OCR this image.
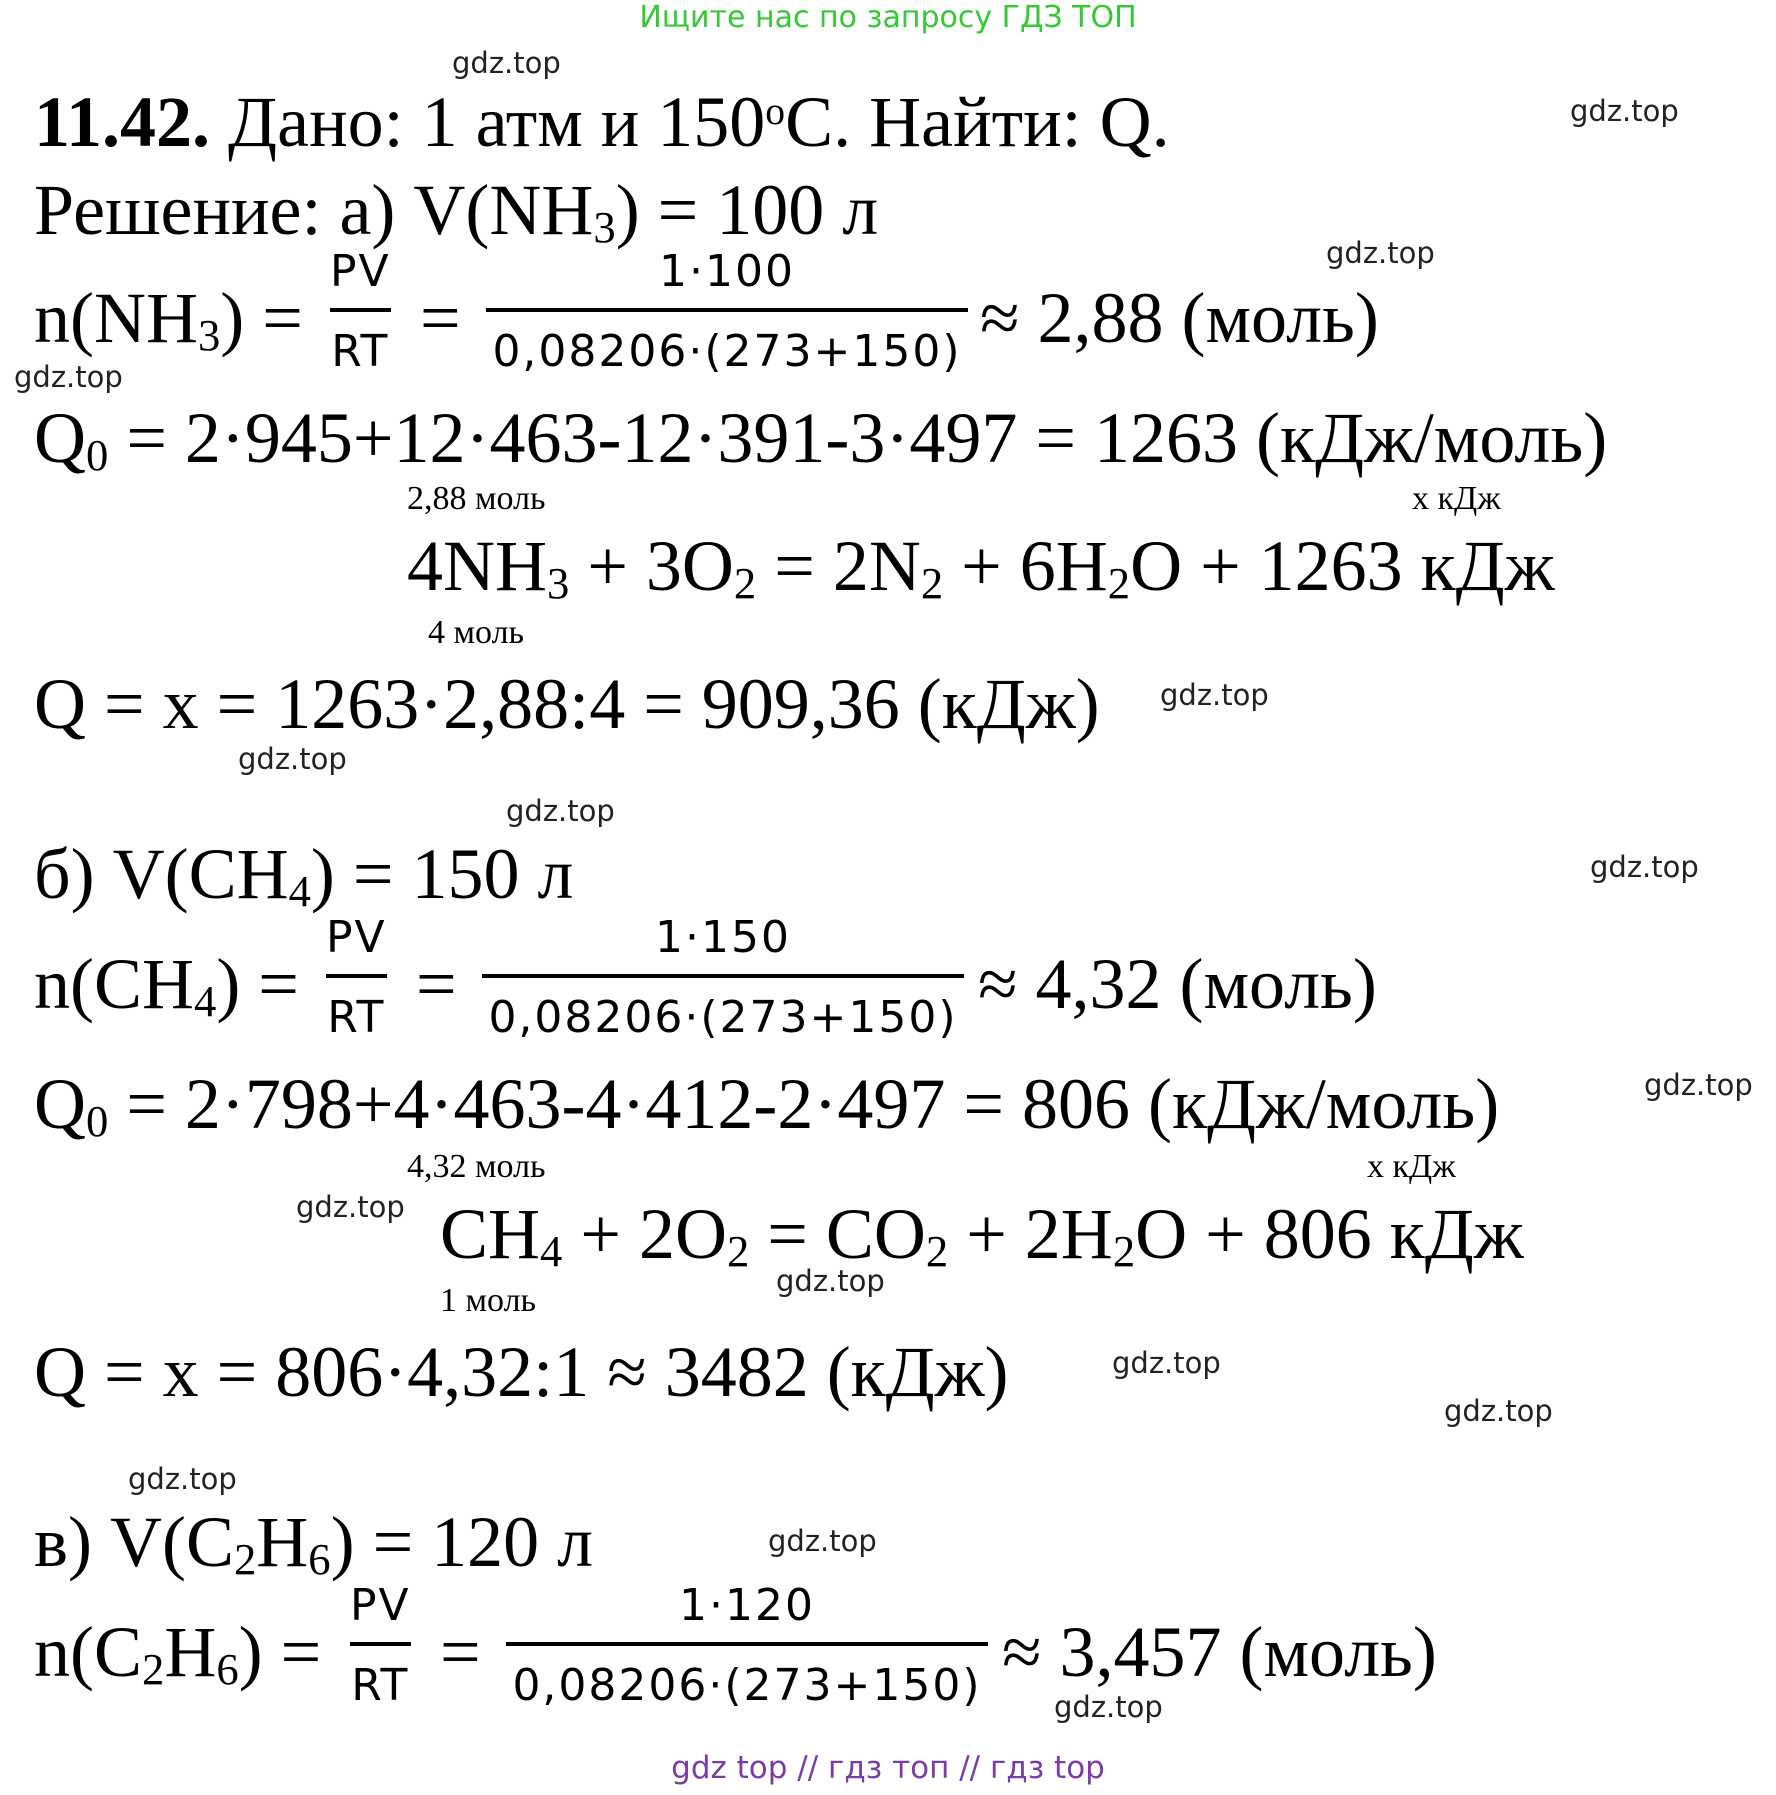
Ищите нас по запросу ГДЗ ТОП
gdz top // гдз топ // гдз top
11.42. Дано: 1 атм и 150$^o$С. Найти: Q.
Решение: а) $V(NH_3) = 100$ л
$n(NH_3)$ =
PV
RT =
1·100
0,08206·(273+150) ≈ 2,88 (моль)
$Q_0 = 2\cdot 945+12\cdot 463-12\cdot 391-3\cdot 497 = 1263$ (кДж/моль)
2,88 моль	x кДж
$4NH_3 + 3O_2 = 2N_2 + 6H_2O + 1263$ кДж
4 моль
Q = x = 1263·2,88:4 = 909,36 (кДж)
б) $V(CH_4) = 150$ л
$n(CH_4)$ =
PV
RT =
1·150
0,08206·(273+150) ≈ 4,32 (моль)
$Q_0 = 2\cdot 798+4\cdot 463-4\cdot 412-2\cdot 497 = 806$ (кДж/моль)
4,32 моль	x кДж
$CH_4 + 2O_2 = CO_2 + 2H_2O + 806$ кДж
1 моль
Q = x = 806·4,32:1 ≈ 3482 (кДж)
в) $V(C_2H_6) = 120$ л
$n(C_2H_6)$ =
PV
RT =
1·120
0,08206·(273+150) ≈ 3,457 (моль)
gdz.top
gdz.top
gdz.top
gdz.top
gdz.top
gdz.top
gdz.top
gdz.top
gdz.top
gdz.top
gdz.top
gdz.top
gdz.top
gdz.top
gdz.top
gdz.top
